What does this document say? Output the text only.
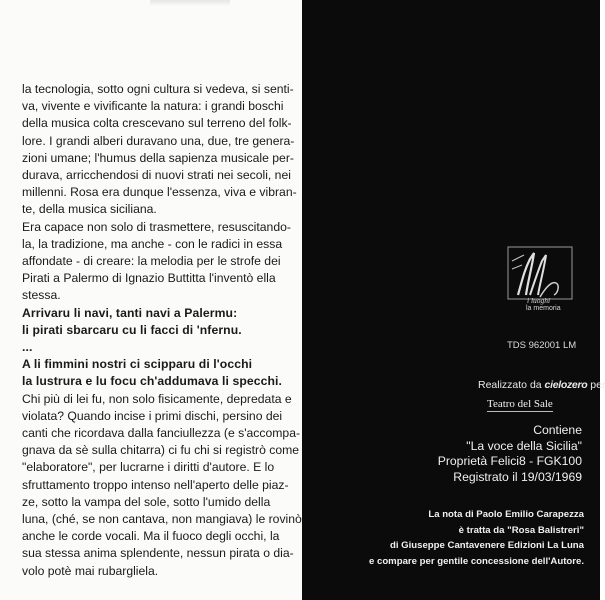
la tecnologia, sotto ogni cultura si vedeva, si senti-
va, vivente e vivificante la natura: i grandi boschi
della musica colta crescevano sul terreno del folk-
lore. I grandi alberi duravano una, due, tre genera-
zioni umane; l'humus della sapienza musicale per-
durava, arricchendosi di nuovi strati nei secoli, nei
millenni. Rosa era dunque l'essenza, viva e vibran-
te, della musica siciliana.
Era capace non solo di trasmettere, resuscitando-
la, la tradizione, ma anche - con le radici in essa
affondate - di creare: la melodia per le strofe dei
Pirati a Palermo di Ignazio Buttitta l'inventò ella
stessa.
Arrivaru li navi, tanti navi a Palermu:
li pirati sbarcaru cu li facci di 'nfernu.
...
A li fimmini nostri ci scipparu di l'occhi
la lustrura e lu focu ch'addumava li specchi.
Chi più di lei fu, non solo fisicamente, depredata e
violata? Quando incise i primi dischi, persino dei
canti che ricordava dalla fanciullezza (e s'accompa-
gnava da sè sulla chitarra) ci fu chi si registrò come
"elaboratore", per lucrarne i diritti d'autore. E lo
sfruttamento troppo intenso nell'aperto delle piaz-
ze, sotto la vampa del sole, sotto l'umido della
luna, (ché, se non cantava, non mangiava) le rovinò
anche le corde vocali. Ma il fuoco degli occhi, la
sua stessa anima splendente, nessun pirata o dia-
volo potè mai rubargliela.
i luoghi
la memoria
TDS 962001 LM
Realizzato da cielozero per
Teatro del Sale
Contiene
"La voce della Sicilia"
Proprietà Felici8 - FGK100
Registrato il 19/03/1969
La nota di Paolo Emilio Carapezza
è tratta da "Rosa Balistreri"
di Giuseppe Cantavenere Edizioni La Luna
e compare per gentile concessione dell'Autore.
